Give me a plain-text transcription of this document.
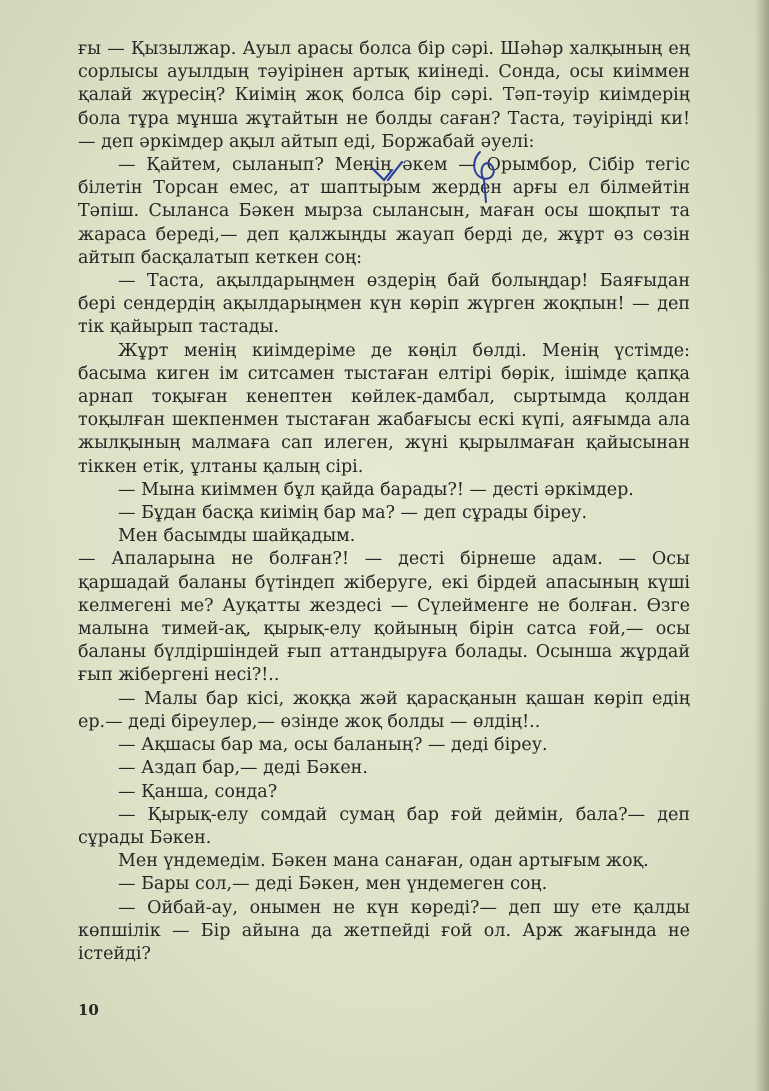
ғы — Қызылжар. Ауыл арасы болса бір сәрі. Шәһәр халқының ең сорлысы ауылдың тәуірінен артық киінеді. Сонда, осы киіммен қалай жүресің? Киімің жоқ болса бір сәрі. Тәп-тәуір киімдерің бола тұра мұнша жұтайтын не болды саған? Таста, тәуіріңді ки! — деп әркімдер ақыл айтып еді, Боржабай әуелі:

— Қайтем, сыланып? Менің әкем — Орымбор, Сібір тегіс білетін Торсан емес, ат шаптырым жерден арғы ел білмейтін Тәпіш. Сыланса Бәкен мырза сылансын, маған осы шоқпыт та жараса береді,— деп қалжыңды жауап берді де, жұрт өз сөзін айтып басқалатып кеткен соң:

— Таста, ақылдарыңмен өздерің бай болыңдар! Баяғыдан бері сендердің ақылдарыңмен күн көріп жүрген жоқпын! — деп тік қайырып тастады.

Жұрт менің киімдеріме де көңіл бөлді. Менің үстімде: басыма киген ім ситсамен тыстаған елтірі бөрік, ішімде қапқа арнап тоқыған кенептен көйлек-дамбал, сыртымда қолдан тоқылған шекпенмен тыстаған жабағысы ескі күпі, аяғымда ала жылқының малмаға сап илеген, жүні қырылмаған қайысынан тіккен етік, ұлтаны қалың сірі.

— Мына киіммен бұл қайда барады?! — десті әркімдер.

— Бұдан басқа киімің бар ма? — деп сұрады біреу.

Мен басымды шайқадым.

— Апаларына не болған?! — десті бірнеше адам. — Осы қаршадай баланы бүтіндеп жіберуге, екі бірдей апасының күші келмегені ме? Ауқатты жездесі — Сүлейменге не болған. Өзге малына тимей-ақ, қырық-елу қойының бірін сатса ғой,— осы баланы бүлдіршіндей ғып аттандыруға болады. Осынша жұрдай ғып жібергені несі?!..

— Малы бар кісі, жоққа жәй қарасқанын қашан көріп едің ер.— деді біреулер,— өзінде жоқ болды — өлдің!..

— Ақшасы бар ма, осы баланың? — деді біреу.

— Аздап бар,— деді Бәкен.

— Қанша, сонда?

— Қырық-елу сомдай сумаң бар ғой деймін, бала?— деп сұрады Бәкен.

Мен үндемедім. Бәкен мана санаған, одан артығым жоқ.

— Бары сол,— деді Бәкен, мен үндемеген соң.

— Ойбай-ау, онымен не күн көреді?— деп шу ете қалды көпшілік — Бір айына да жетпейді ғой ол. Арж жағында не істейді?

10
